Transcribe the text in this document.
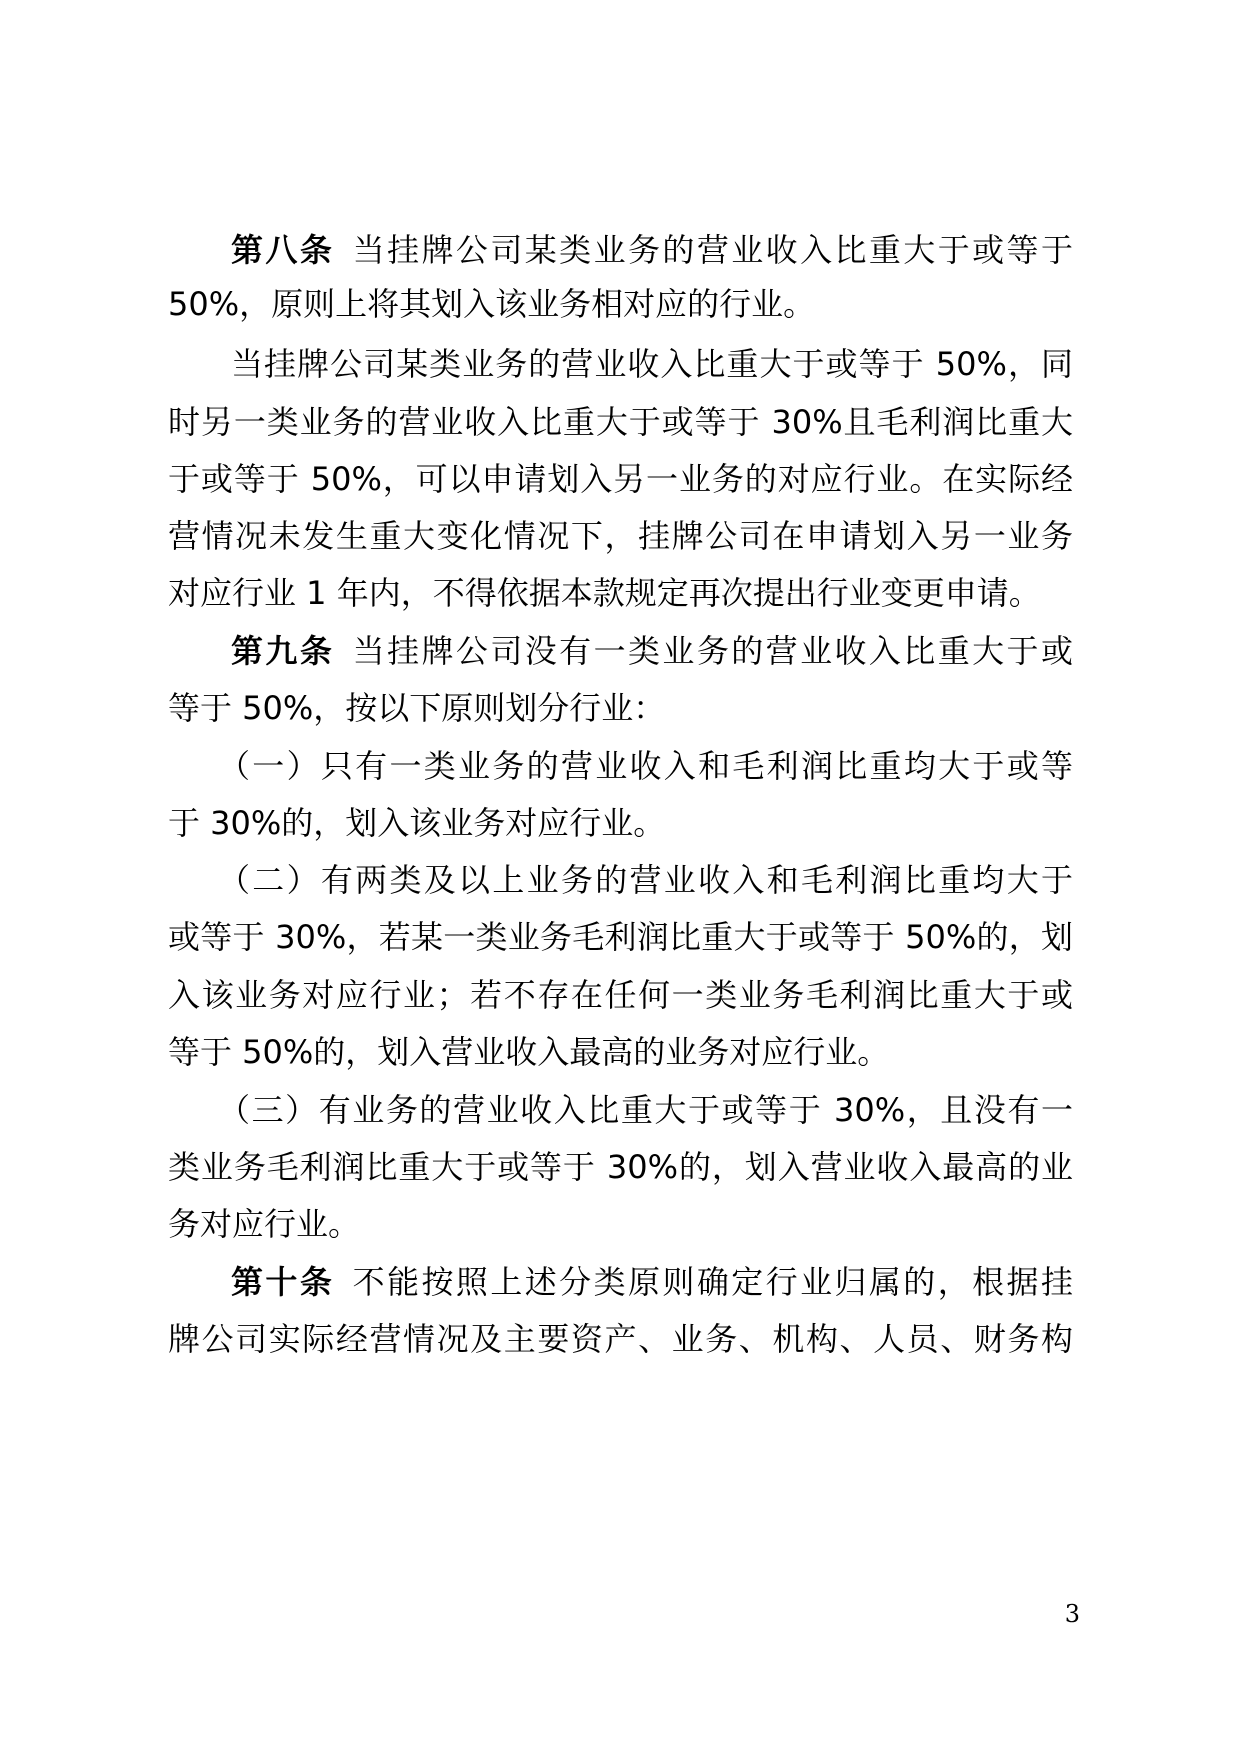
第八条  当挂牌公司某类业务的营业收入比重大于或等于
50%，原则上将其划入该业务相对应的行业。
当挂牌公司某类业务的营业收入比重大于或等于 50%，同
时另一类业务的营业收入比重大于或等于 30%且毛利润比重大
于或等于 50%，可以申请划入另一业务的对应行业。在实际经
营情况未发生重大变化情况下，挂牌公司在申请划入另一业务
对应行业 1 年内，不得依据本款规定再次提出行业变更申请。
第九条  当挂牌公司没有一类业务的营业收入比重大于或
等于 50%，按以下原则划分行业：
（一）只有一类业务的营业收入和毛利润比重均大于或等
于 30%的，划入该业务对应行业。
（二）有两类及以上业务的营业收入和毛利润比重均大于
或等于 30%，若某一类业务毛利润比重大于或等于 50%的，划
入该业务对应行业；若不存在任何一类业务毛利润比重大于或
等于 50%的，划入营业收入最高的业务对应行业。
（三）有业务的营业收入比重大于或等于 30%，且没有一
类业务毛利润比重大于或等于 30%的，划入营业收入最高的业
务对应行业。
第十条  不能按照上述分类原则确定行业归属的，根据挂
牌公司实际经营情况及主要资产、业务、机构、人员、财务构
3
